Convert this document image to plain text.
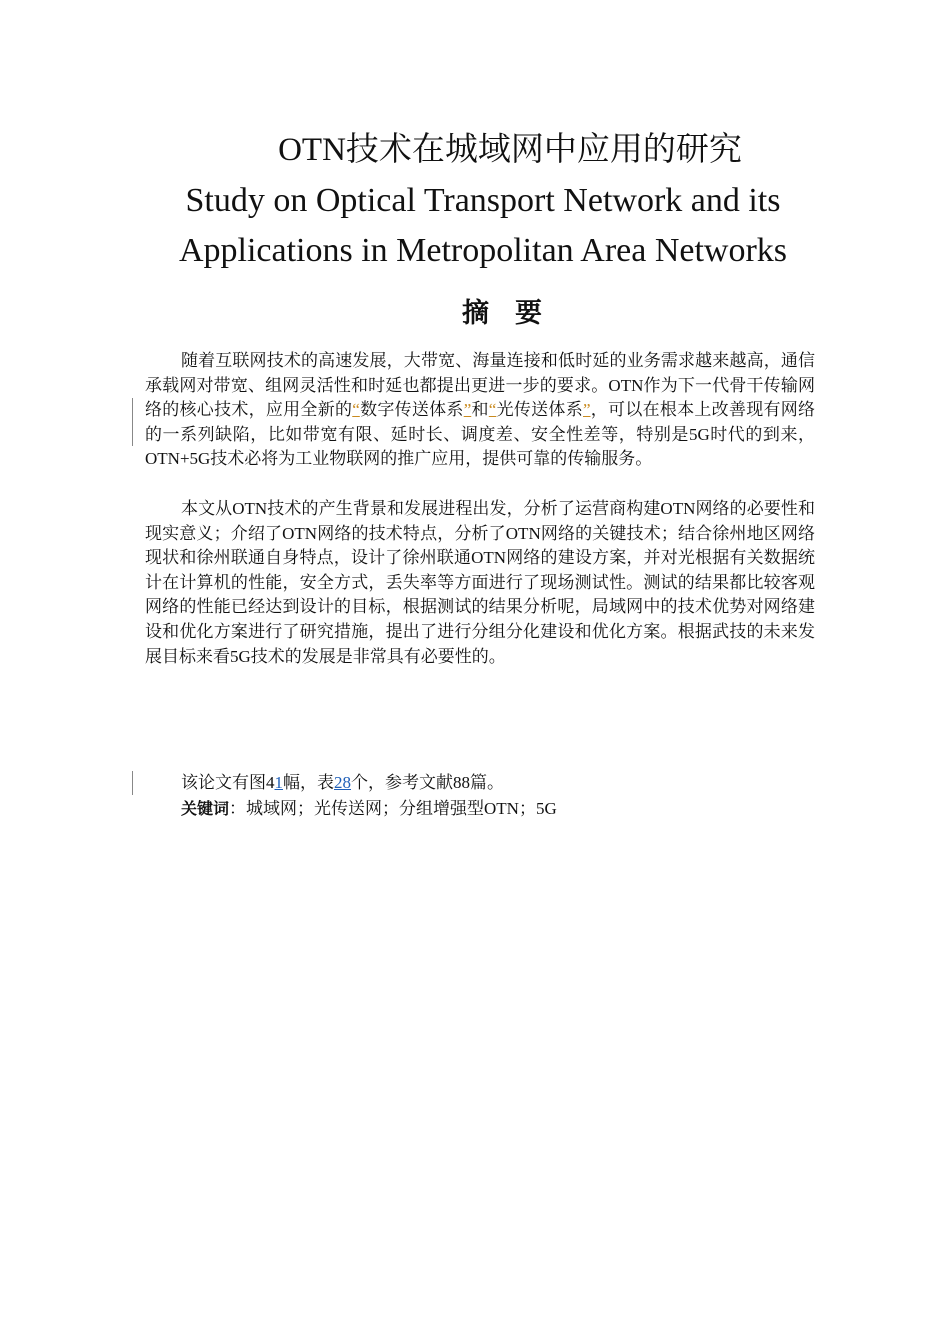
OTN技术在城域网中应用的研究
Study on Optical Transport Network and its
Applications in Metropolitan Area Networks
摘要

随着互联网技术的高速发展，大带宽、海量连接和低时延的业务需求越来越高，通信承载网对带宽、组网灵活性和时延也都提出更进一步的要求。OTN作为下一代骨干传输网络的核心技术，应用全新的“数字传送体系”和“光传送体系”，可以在根本上改善现有网络的一系列缺陷，比如带宽有限、延时长、调度差、安全性差等，特别是5G时代的到来，OTN+5G技术必将为工业物联网的推广应用，提供可靠的传输服务。

本文从OTN技术的产生背景和发展进程出发，分析了运营商构建OTN网络的必要性和现实意义；介绍了OTN网络的技术特点，分析了OTN网络的关键技术；结合徐州地区网络现状和徐州联通自身特点，设计了徐州联通OTN网络的建设方案，并对光根据有关数据统计在计算机的性能，安全方式，丢失率等方面进行了现场测试性。测试的结果都比较客观网络的性能已经达到设计的目标，根据测试的结果分析呢，局域网中的技术优势对网络建设和优化方案进行了研究措施，提出了进行分组分化建设和优化方案。根据武技的未来发展目标来看5G技术的发展是非常具有必要性的。

该论文有图41幅，表28个，参考文献88篇。
关键词：城域网；光传送网；分组增强型OTN；5G
